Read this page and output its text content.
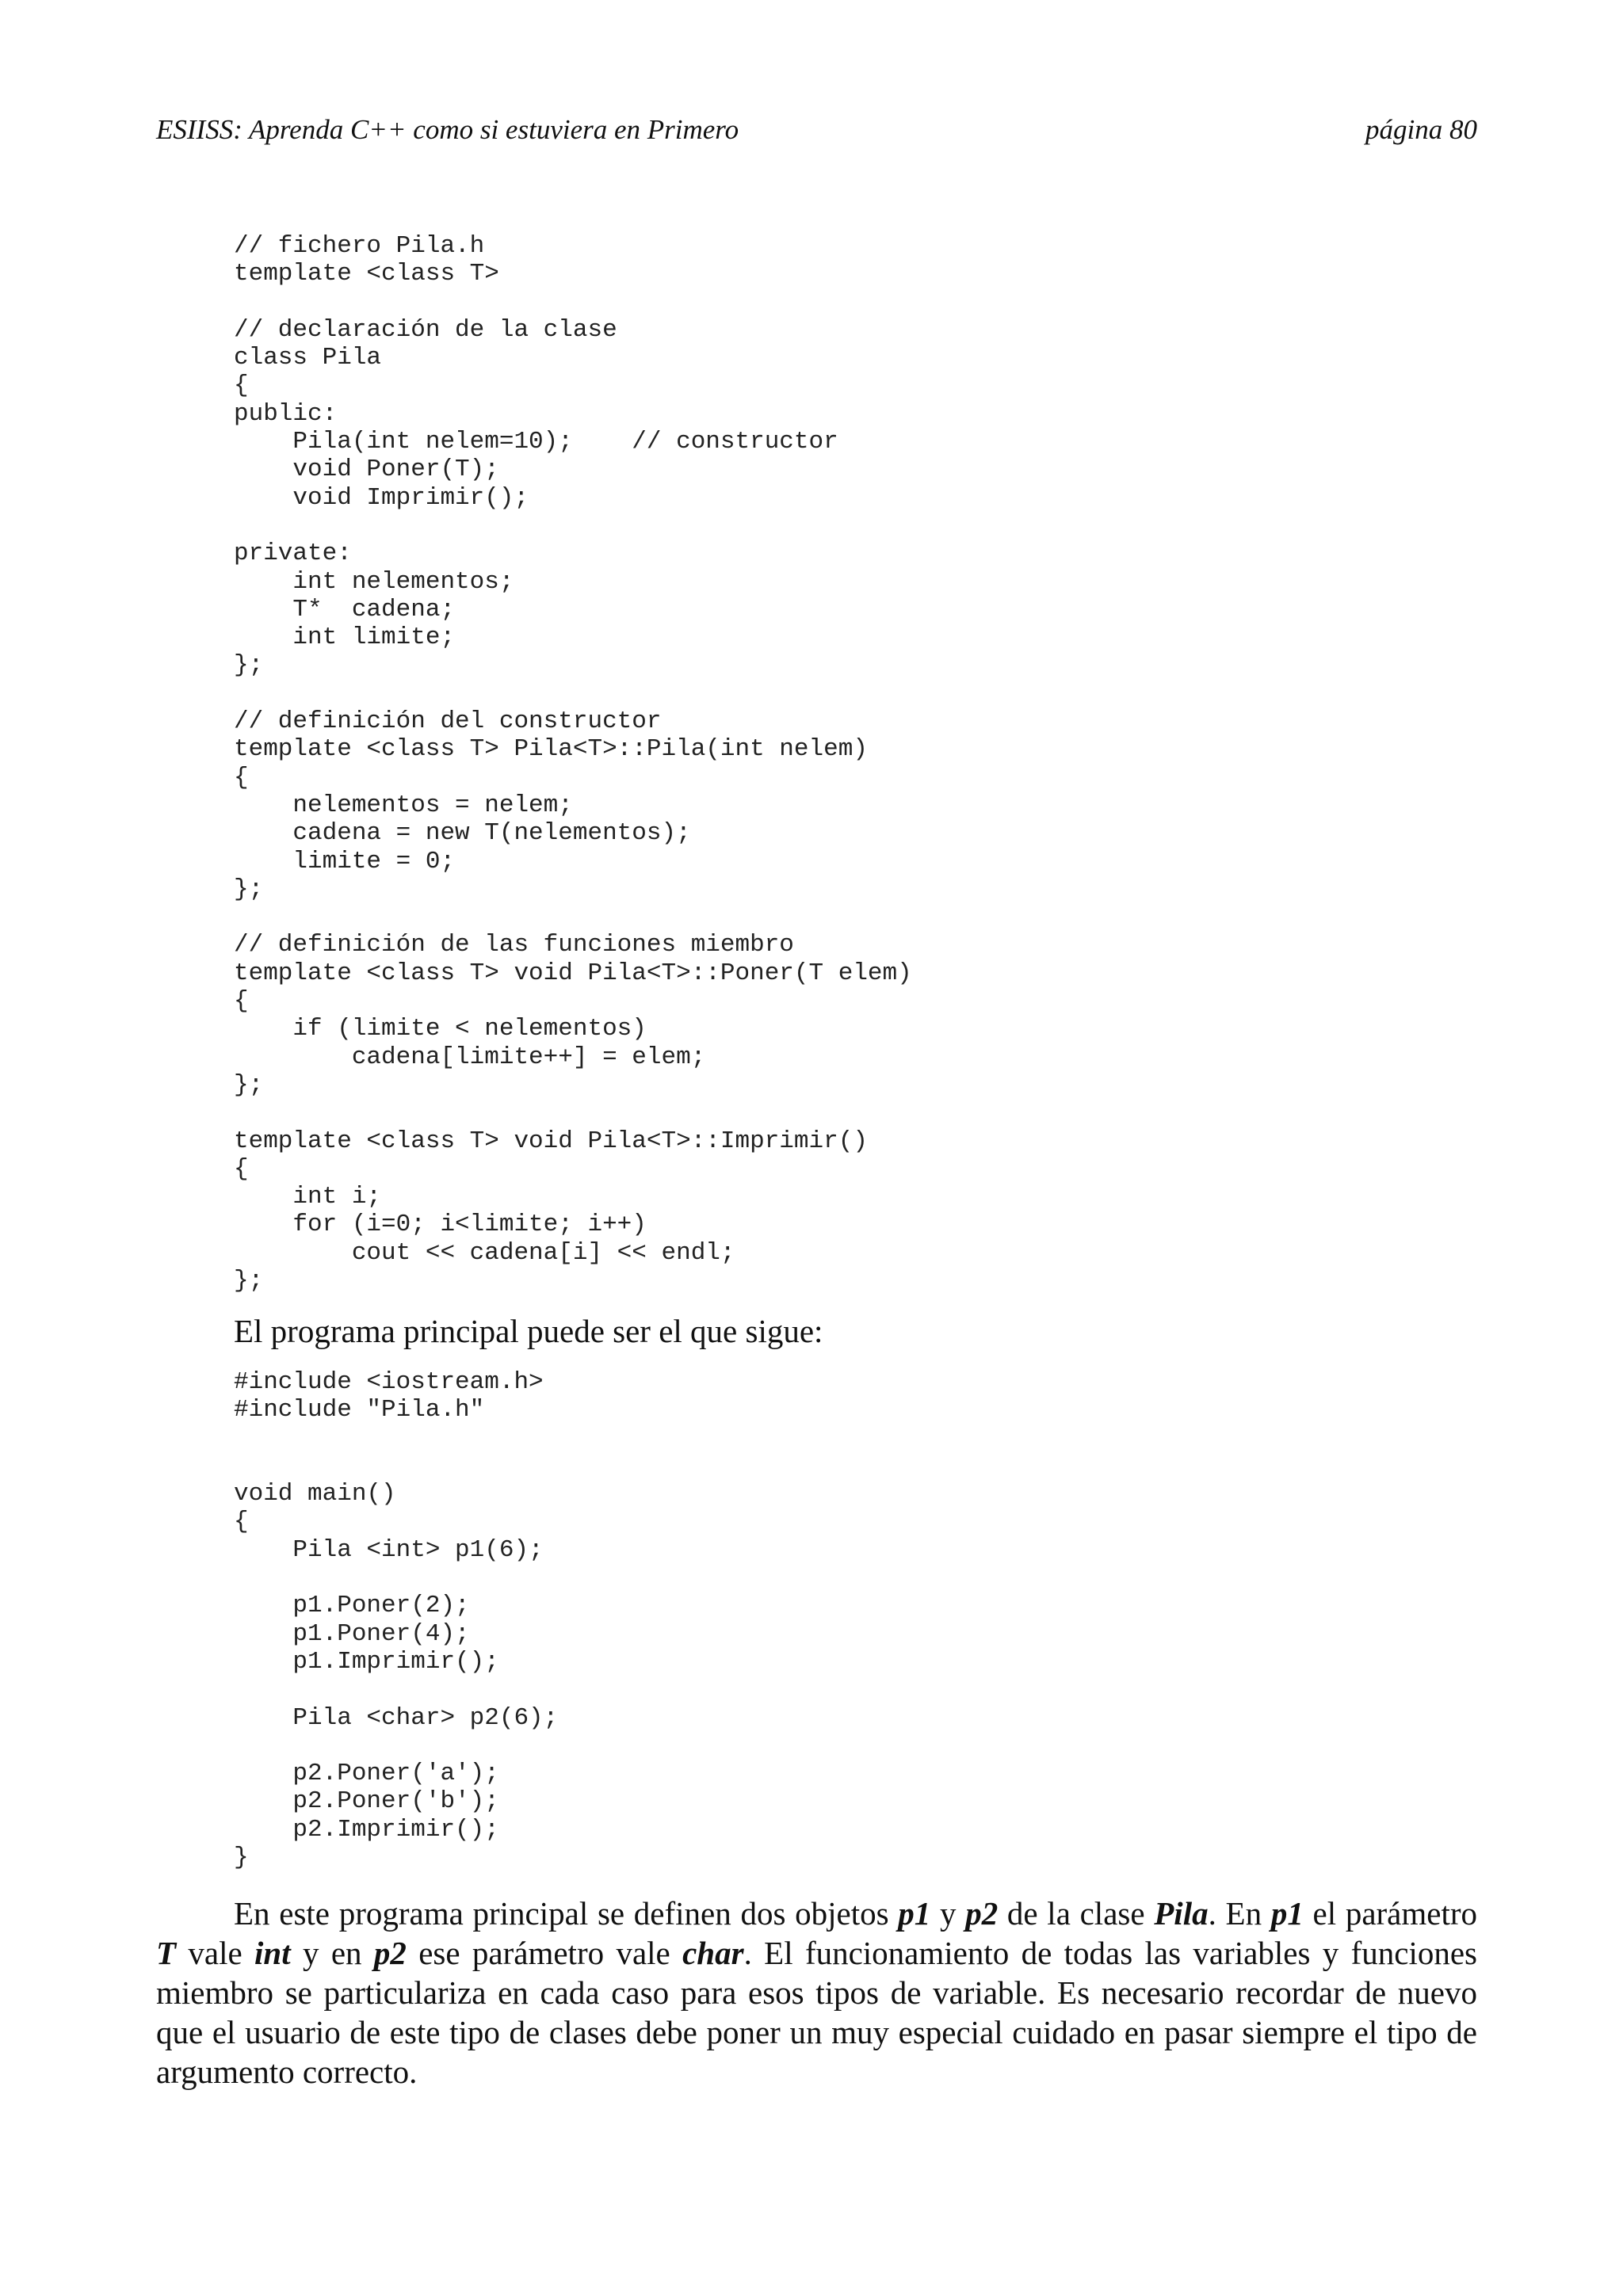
ESIISS: Aprenda C++ como si estuviera en Primero	página 80
// fichero Pila.h
template <class T>
// declaración de la clase
class Pila
{
public:
Pila(int nelem=10);    // constructor
void Poner(T);
void Imprimir();
private:
int nelementos;
T*  cadena;
int limite;
};
// definición del constructor
template <class T> Pila<T>::Pila(int nelem)
{
nelementos = nelem;
cadena = new T(nelementos);
limite = 0;
};
// definición de las funciones miembro
template <class T> void Pila<T>::Poner(T elem)
{
if (limite < nelementos)
cadena[limite++] = elem;
};
template <class T> void Pila<T>::Imprimir()
{
int i;
for (i=0; i<limite; i++)
cout << cadena[i] << endl;
};
El programa principal puede ser el que sigue:
#include <iostream.h>
#include "Pila.h"
void main()
{
Pila <int> p1(6);
p1.Poner(2);
p1.Poner(4);
p1.Imprimir();
Pila <char> p2(6);
p2.Poner('a');
p2.Poner('b');
p2.Imprimir();
}
En este programa principal se definen dos objetos p1 y p2 de la clase Pila. En p1 el parámetro T vale int y en p2 ese parámetro vale char. El funcionamiento de todas las variables y funciones miembro se particulariza en cada caso para esos tipos de variable. Es necesario recordar de nuevo que el usuario de este tipo de clases debe poner un muy especial cuidado en pasar siempre el tipo de argumento correcto.
